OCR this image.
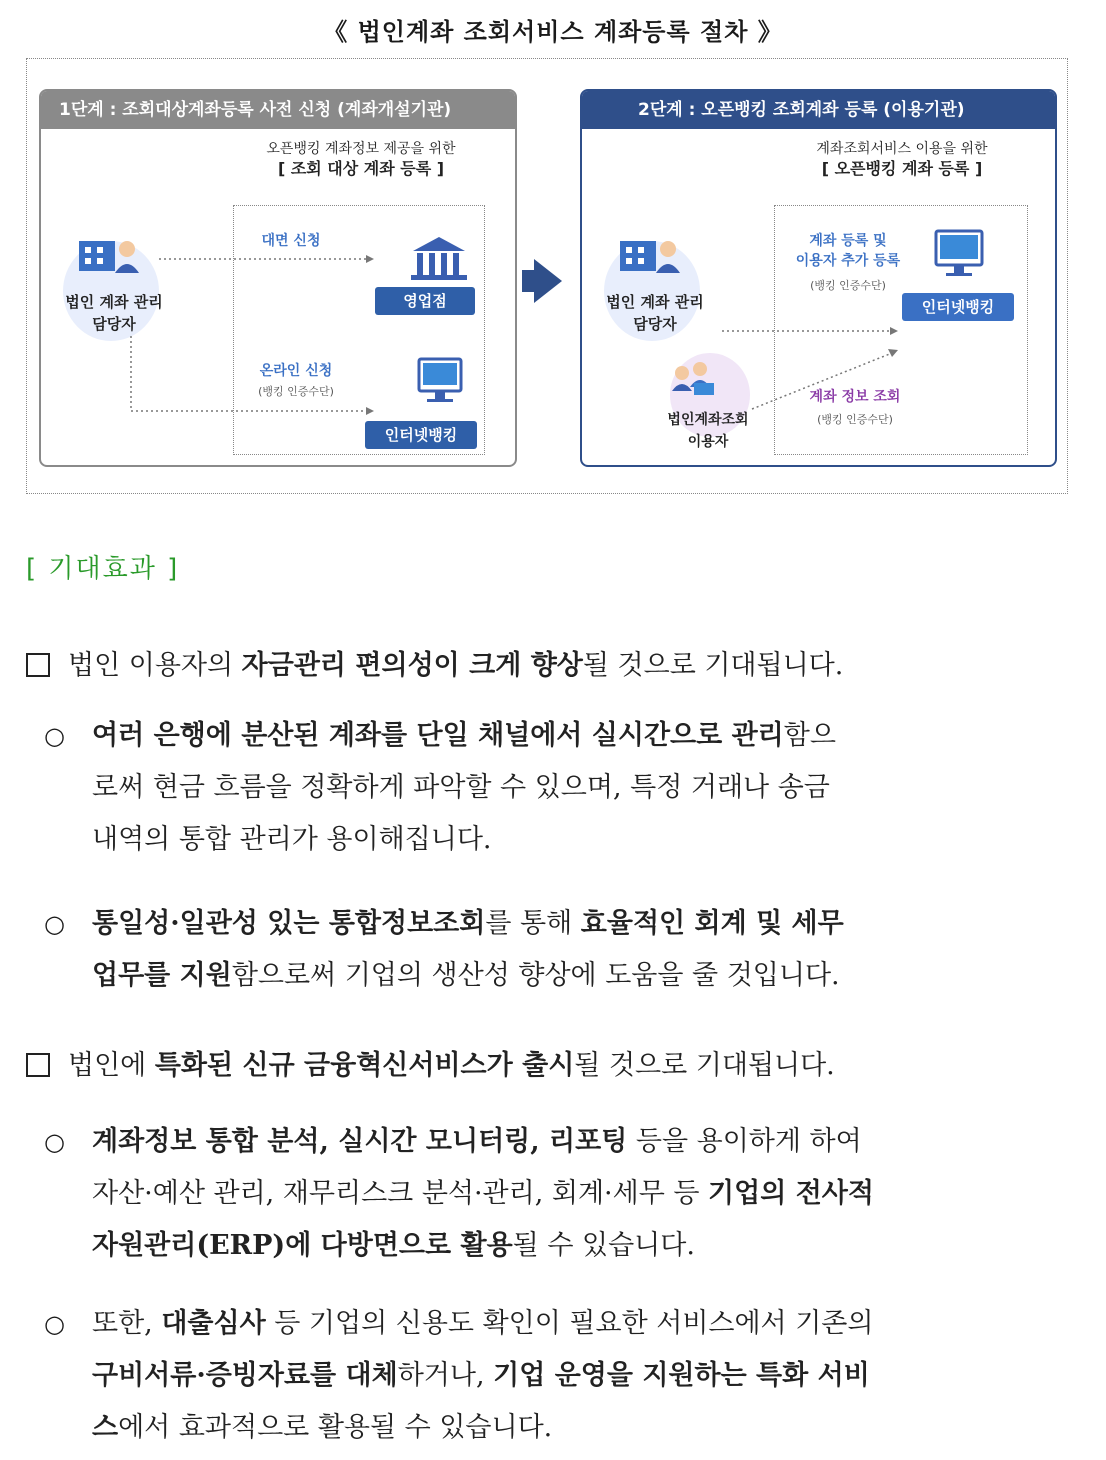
《 법인계좌 조회서비스 계좌등록 절차 》
1단계 : 조회대상계좌등록 사전 신청 (계좌개설기관)
오픈뱅킹 계좌정보 제공을 위한
[ 조회 대상 계좌 등록 ]
법인 계좌 관리
담당자
대면 신청
온라인 신청
(뱅킹 인증수단)
영업점
인터넷뱅킹
2단계 : 오픈뱅킹 조회계좌 등록 (이용기관)
계좌조회서비스 이용을 위한
[ 오픈뱅킹 계좌 등록 ]
법인 계좌 관리
담당자
계좌 등록 및
이용자 추가 등록
(뱅킹 인증수단)
인터넷뱅킹
법인계좌조회
이용자
계좌 정보 조회
(뱅킹 인증수단)
[ 기대효과 ]
법인 이용자의 자금관리 편의성이 크게 향상될 것으로 기대됩니다.
○ 여러 은행에 분산된 계좌를 단일 채널에서 실시간으로 관리함으
로써 현금 흐름을 정확하게 파악할 수 있으며, 특정 거래나 송금
내역의 통합 관리가 용이해집니다.
○ 통일성·일관성 있는 통합정보조회를 통해 효율적인 회계 및 세무
업무를 지원함으로써 기업의 생산성 향상에 도움을 줄 것입니다.
법인에 특화된 신규 금융혁신서비스가 출시될 것으로 기대됩니다.
○ 계좌정보 통합 분석, 실시간 모니터링, 리포팅 등을 용이하게 하여
자산·예산 관리, 재무리스크 분석·관리, 회계·세무 등 기업의 전사적
자원관리(ERP)에 다방면으로 활용될 수 있습니다.
○ 또한, 대출심사 등 기업의 신용도 확인이 필요한 서비스에서 기존의
구비서류·증빙자료를 대체하거나, 기업 운영을 지원하는 특화 서비
스에서 효과적으로 활용될 수 있습니다.
